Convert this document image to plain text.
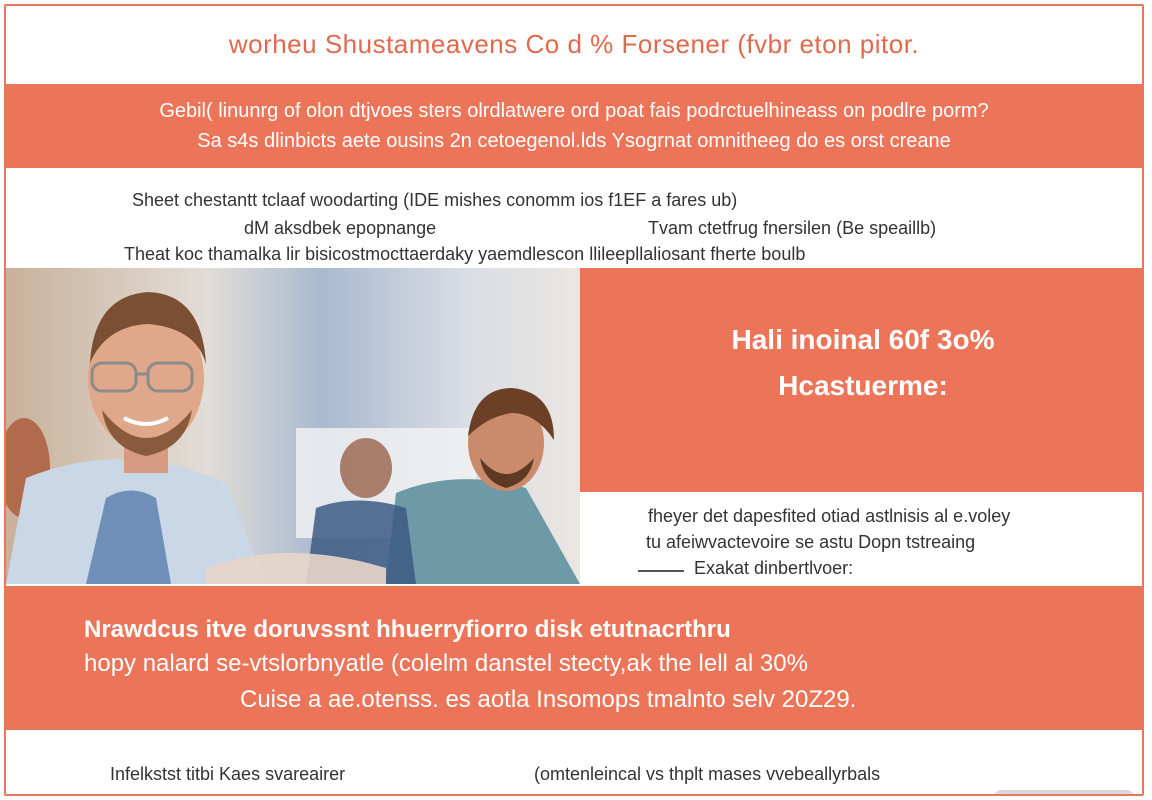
worheu Shustameavens Co d % Forsener (fvbr eton pitor.
Gebil( linunrg of olon dtjvoes sters olrdlatwere ord poat fais podrctuelhineass on podlre porm?
Sa s4s dlinbicts aete ousins 2n cetoegenol.lds Ysogrnat omnitheeg do es orst creane
Sheet chestantt tclaaf woodarting (IDE mishes conomm ios f1EF a fares ub)
dM aksdbek epopnange	Tvam ctetfrug fnersilen (Be speaillb)
Theat koc thamalka lir bisicostmocttaerdaky yaemdlescon llileepllaliosant fherte boulb
Hali inoinal 60f 3o%
Hcastuerme:
fheyer det dapesfited otiad astlnisis al e.voley
tu afeiwvactevoire se astu Dopn tstreaing
Exakat dinbertlvoer:
Nrawdcus itve doruvssnt hhuerryfiorro disk etutnacrthru
hopy nalard se-vtslorbnyatle (colelm danstel stecty,ak the lell al 30%
Cuise a ae.otenss. es aotla Insomops tmalnto selv 20Z29.
Infelkstst titbi Kaes svareairer	(omtenleincal vs thplt mases vvebeallyrbals
